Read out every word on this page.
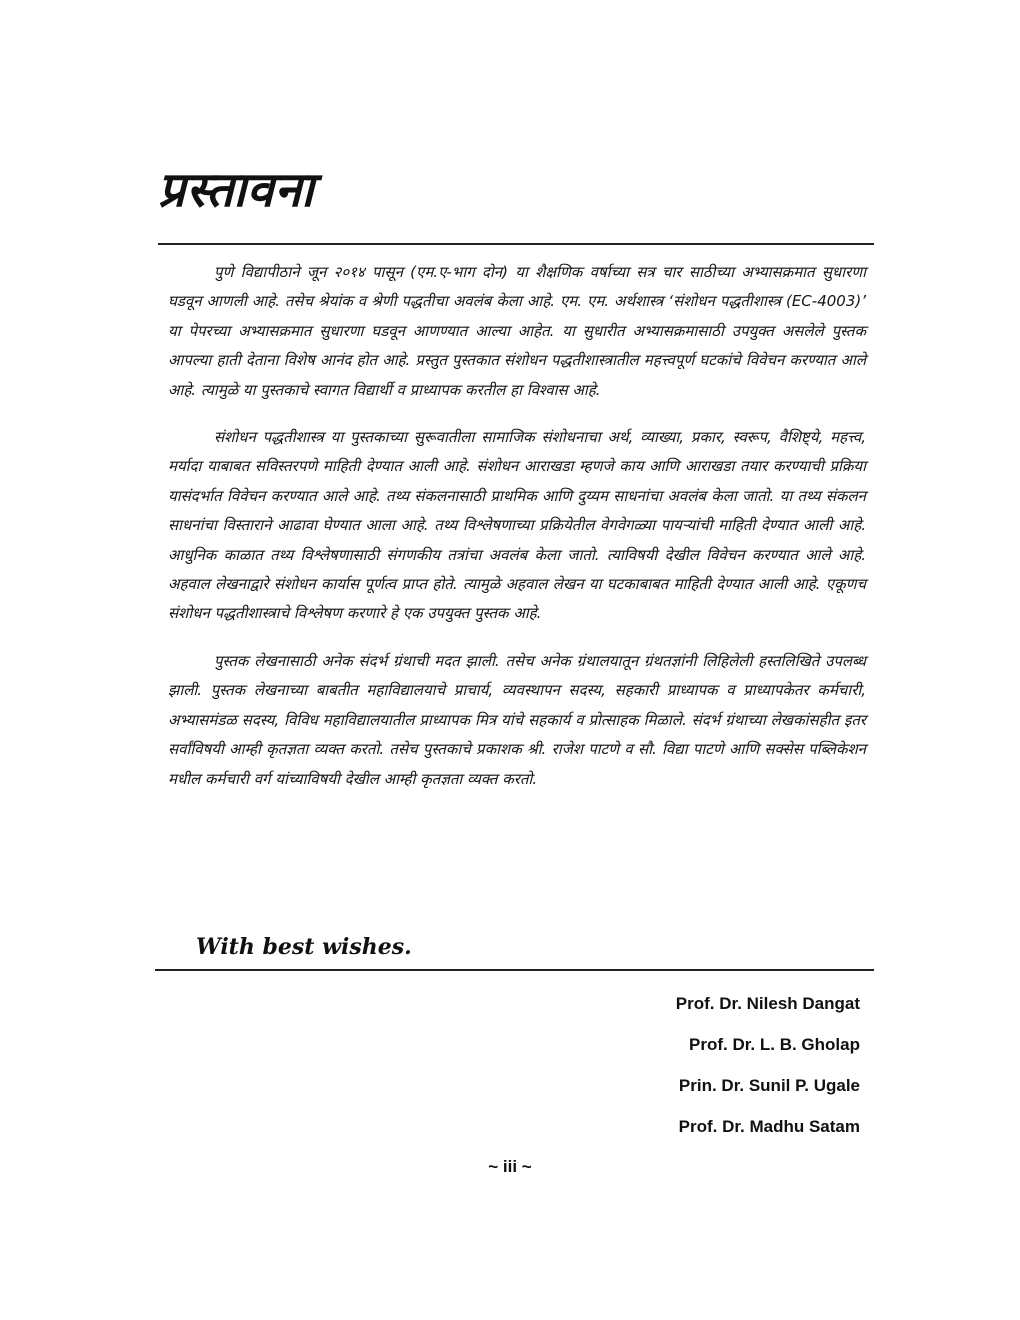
प्रस्तावना

पुणे विद्यापीठाने जून २०१४ पासून (एम.ए-भाग दोन) या शैक्षणिक वर्षाच्या सत्र चार साठीच्या अभ्यासक्रमात सुधारणा घडवून आणली आहे. तसेच श्रेयांक व श्रेणी पद्धतीचा अवलंब केला आहे. एम. एम. अर्थशास्त्र ‘संशोधन पद्धतीशास्त्र (EC-4003)’ या पेपरच्या अभ्यासक्रमात सुधारणा घडवून आणण्यात आल्या आहेत. या सुधारीत अभ्यासक्रमासाठी उपयुक्त असलेले पुस्तक आपल्या हाती देताना विशेष आनंद होत आहे. प्रस्तुत पुस्तकात संशोधन पद्धतीशास्त्रातील महत्त्वपूर्ण घटकांचे विवेचन करण्यात आले आहे. त्यामुळे या पुस्तकाचे स्वागत विद्यार्थी व प्राध्यापक करतील हा विश्वास आहे.

संशोधन पद्धतीशास्त्र या पुस्तकाच्या सुरूवातीला सामाजिक संशोधनाचा अर्थ, व्याख्या, प्रकार, स्वरूप, वैशिष्ट्ये, महत्त्व, मर्यादा याबाबत सविस्तरपणे माहिती देण्यात आली आहे. संशोधन आराखडा म्हणजे काय आणि आराखडा तयार करण्याची प्रक्रिया यासंदर्भात विवेचन करण्यात आले आहे. तथ्य संकलनासाठी प्राथमिक आणि दुय्यम साधनांचा अवलंब केला जातो. या तथ्य संकलन साधनांचा विस्ताराने आढावा घेण्यात आला आहे. तथ्य विश्लेषणाच्या प्रक्रियेतील वेगवेगळ्या पायऱ्यांची माहिती देण्यात आली आहे. आधुनिक काळात तथ्य विश्लेषणासाठी संगणकीय तत्रांचा अवलंब केला जातो. त्याविषयी देखील विवेचन करण्यात आले आहे. अहवाल लेखनाद्वारे संशोधन कार्यास पूर्णत्व प्राप्त होते. त्यामुळे अहवाल लेखन या घटकाबाबत माहिती देण्यात आली आहे. एकूणच संशोधन पद्धतीशास्त्राचे विश्लेषण करणारे हे एक उपयुक्त पुस्तक आहे.

पुस्तक लेखनासाठी अनेक संदर्भ ग्रंथाची मदत झाली. तसेच अनेक ग्रंथालयातून ग्रंथतज्ञांनी लिहिलेली हस्तलिखिते उपलब्ध झाली. पुस्तक लेखनाच्या बाबतीत महाविद्यालयाचे प्राचार्य, व्यवस्थापन सदस्य, सहकारी प्राध्यापक व प्राध्यापकेतर कर्मचारी, अभ्यासमंडळ सदस्य, विविध महाविद्यालयातील प्राध्यापक मित्र यांचे सहकार्य व प्रोत्साहक मिळाले. संदर्भ ग्रंथाच्या लेखकांसहीत इतर सर्वांविषयी आम्ही कृतज्ञता व्यक्त करतो. तसेच पुस्तकाचे प्रकाशक श्री. राजेश पाटणे व सौ. विद्या पाटणे आणि सक्सेस पब्लिकेशन मधील कर्मचारी वर्ग यांच्याविषयी देखील आम्ही कृतज्ञता व्यक्त करतो.

With best wishes.
Prof. Dr. Nilesh Dangat
Prof. Dr. L. B. Gholap
Prin. Dr. Sunil P. Ugale
Prof. Dr. Madhu Satam
~ iii ~
